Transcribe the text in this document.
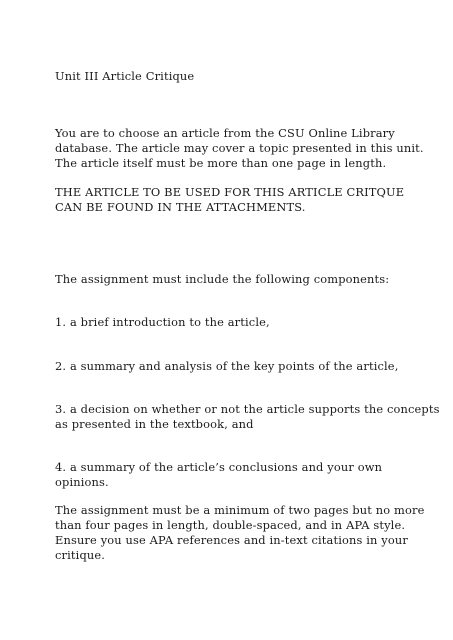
Unit III Article Critique

You are to choose an article from the CSU Online Library
database. The article may cover a topic presented in this unit.
The article itself must be more than one page in length.
THE ARTICLE TO BE USED FOR THIS ARTICLE CRITQUE
CAN BE FOUND IN THE ATTACHMENTS.

The assignment must include the following components:

1. a brief introduction to the article,
2. a summary and analysis of the key points of the article,
3. a decision on whether or not the article supports the concepts
as presented in the textbook, and
4. a summary of the article’s conclusions and your own
opinions.
The assignment must be a minimum of two pages but no more
than four pages in length, double-spaced, and in APA style.
Ensure you use APA references and in-text citations in your
critique.
